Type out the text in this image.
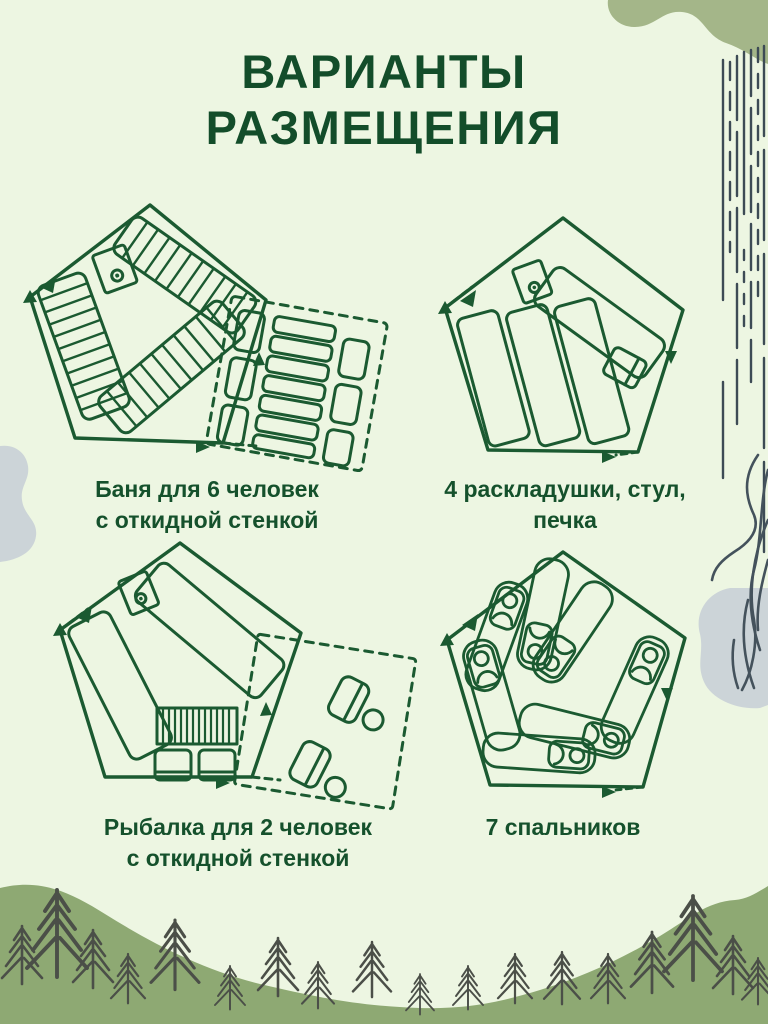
ВАРИАНТЫ
РАЗМЕЩЕНИЯ
Баня для 6 человек
с откидной стенкой
4 раскладушки, стул,
печка
Рыбалка для 2 человек
с откидной стенкой
7 спальников
